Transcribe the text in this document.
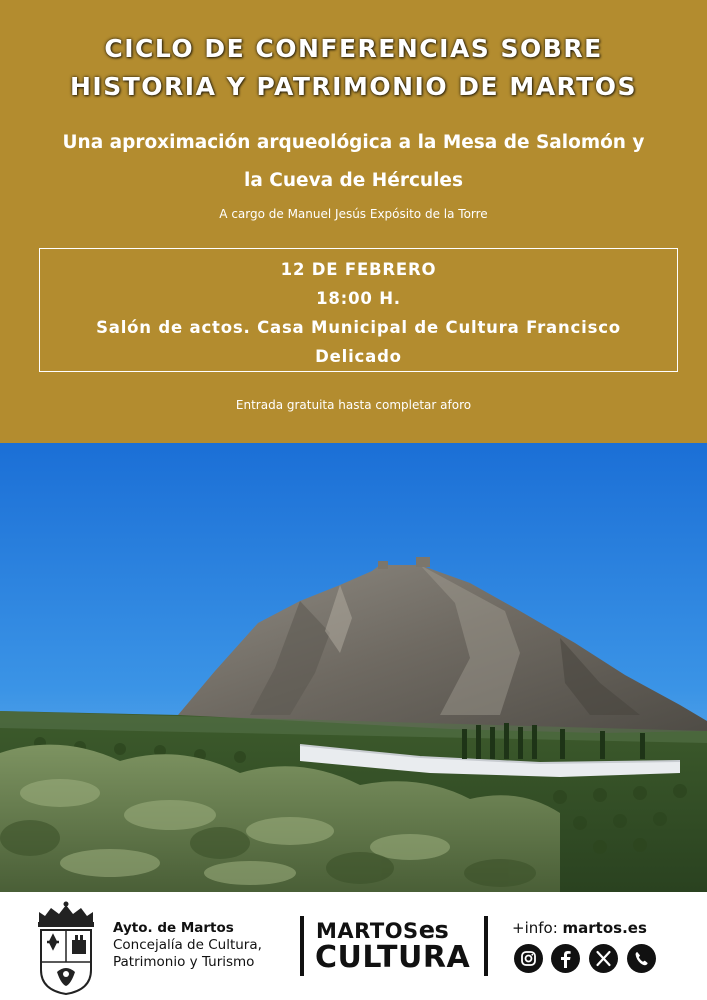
CICLO DE CONFERENCIAS SOBRE
HISTORIA Y PATRIMONIO DE MARTOS
Una aproximación arqueológica a la Mesa de Salomón y
la Cueva de Hércules

A cargo de Manuel Jesús Expósito de la Torre

12 DE FEBRERO
18:00 H.
Salón de actos. Casa Municipal de Cultura Francisco
Delicado

Entrada gratuita hasta completar aforo

Ayto. de Martos
Concejalía de Cultura,
Patrimonio y Turismo
MARTOSes
CULTURA
+info: martos.es
